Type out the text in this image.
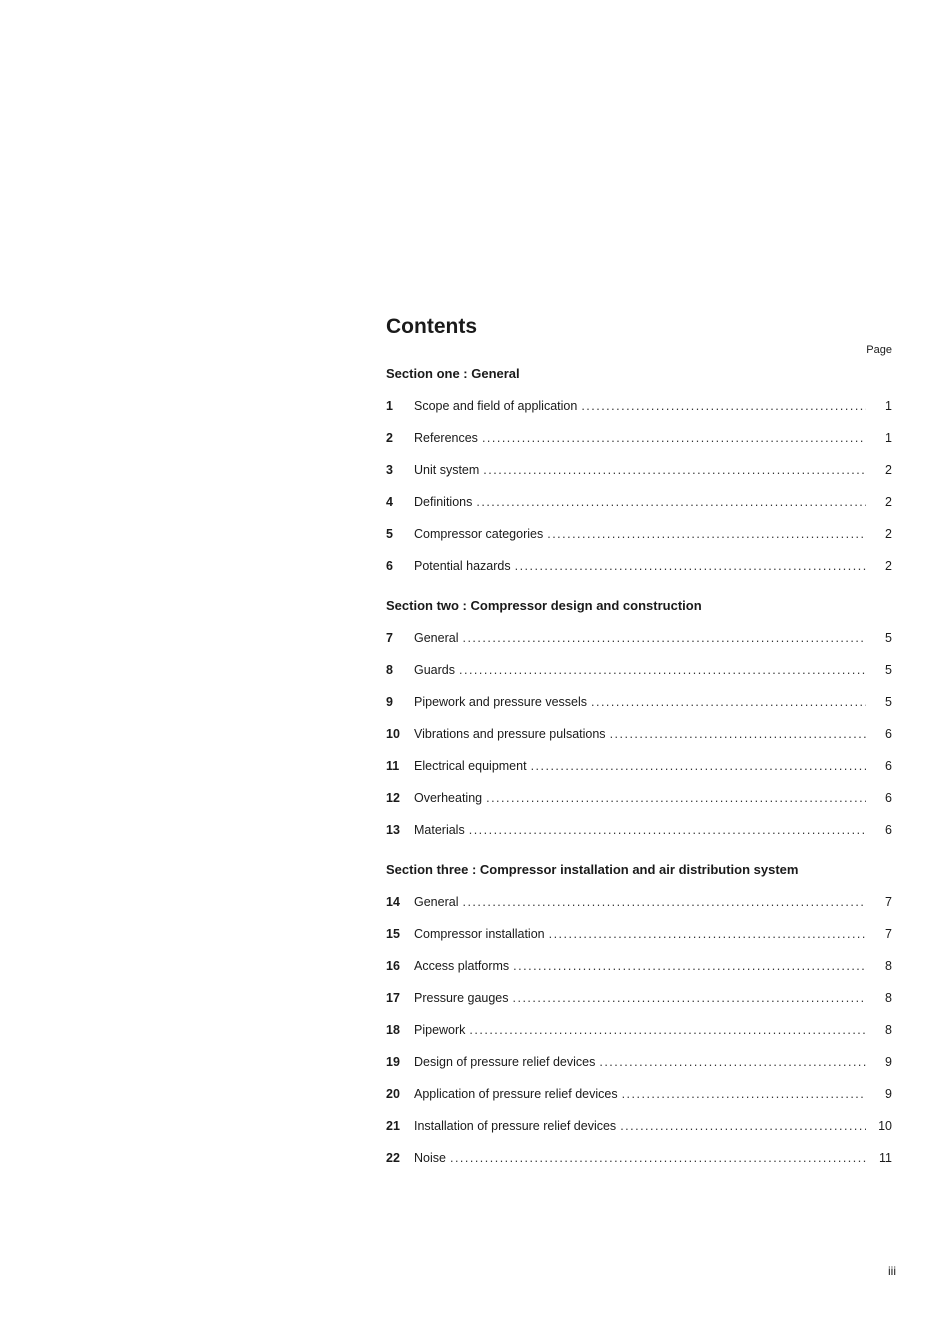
Contents
Page
Section one : General
1	Scope and field of application .....	1
2	References .....	1
3	Unit system .....	2
4	Definitions .....	2
5	Compressor categories .....	2
6	Potential hazards .....	2
Section two : Compressor design and construction
7	General .....	5
8	Guards .....	5
9	Pipework and pressure vessels .....	5
10	Vibrations and pressure pulsations .....	6
11	Electrical equipment .....	6
12	Overheating .....	6
13	Materials .....	6
Section three : Compressor installation and air distribution system
14	General .....	7
15	Compressor installation .....	7
16	Access platforms .....	8
17	Pressure gauges .....	8
18	Pipework .....	8
19	Design of pressure relief devices .....	9
20	Application of pressure relief devices .....	9
21	Installation of pressure relief devices .....	10
22	Noise .....	11
iii
